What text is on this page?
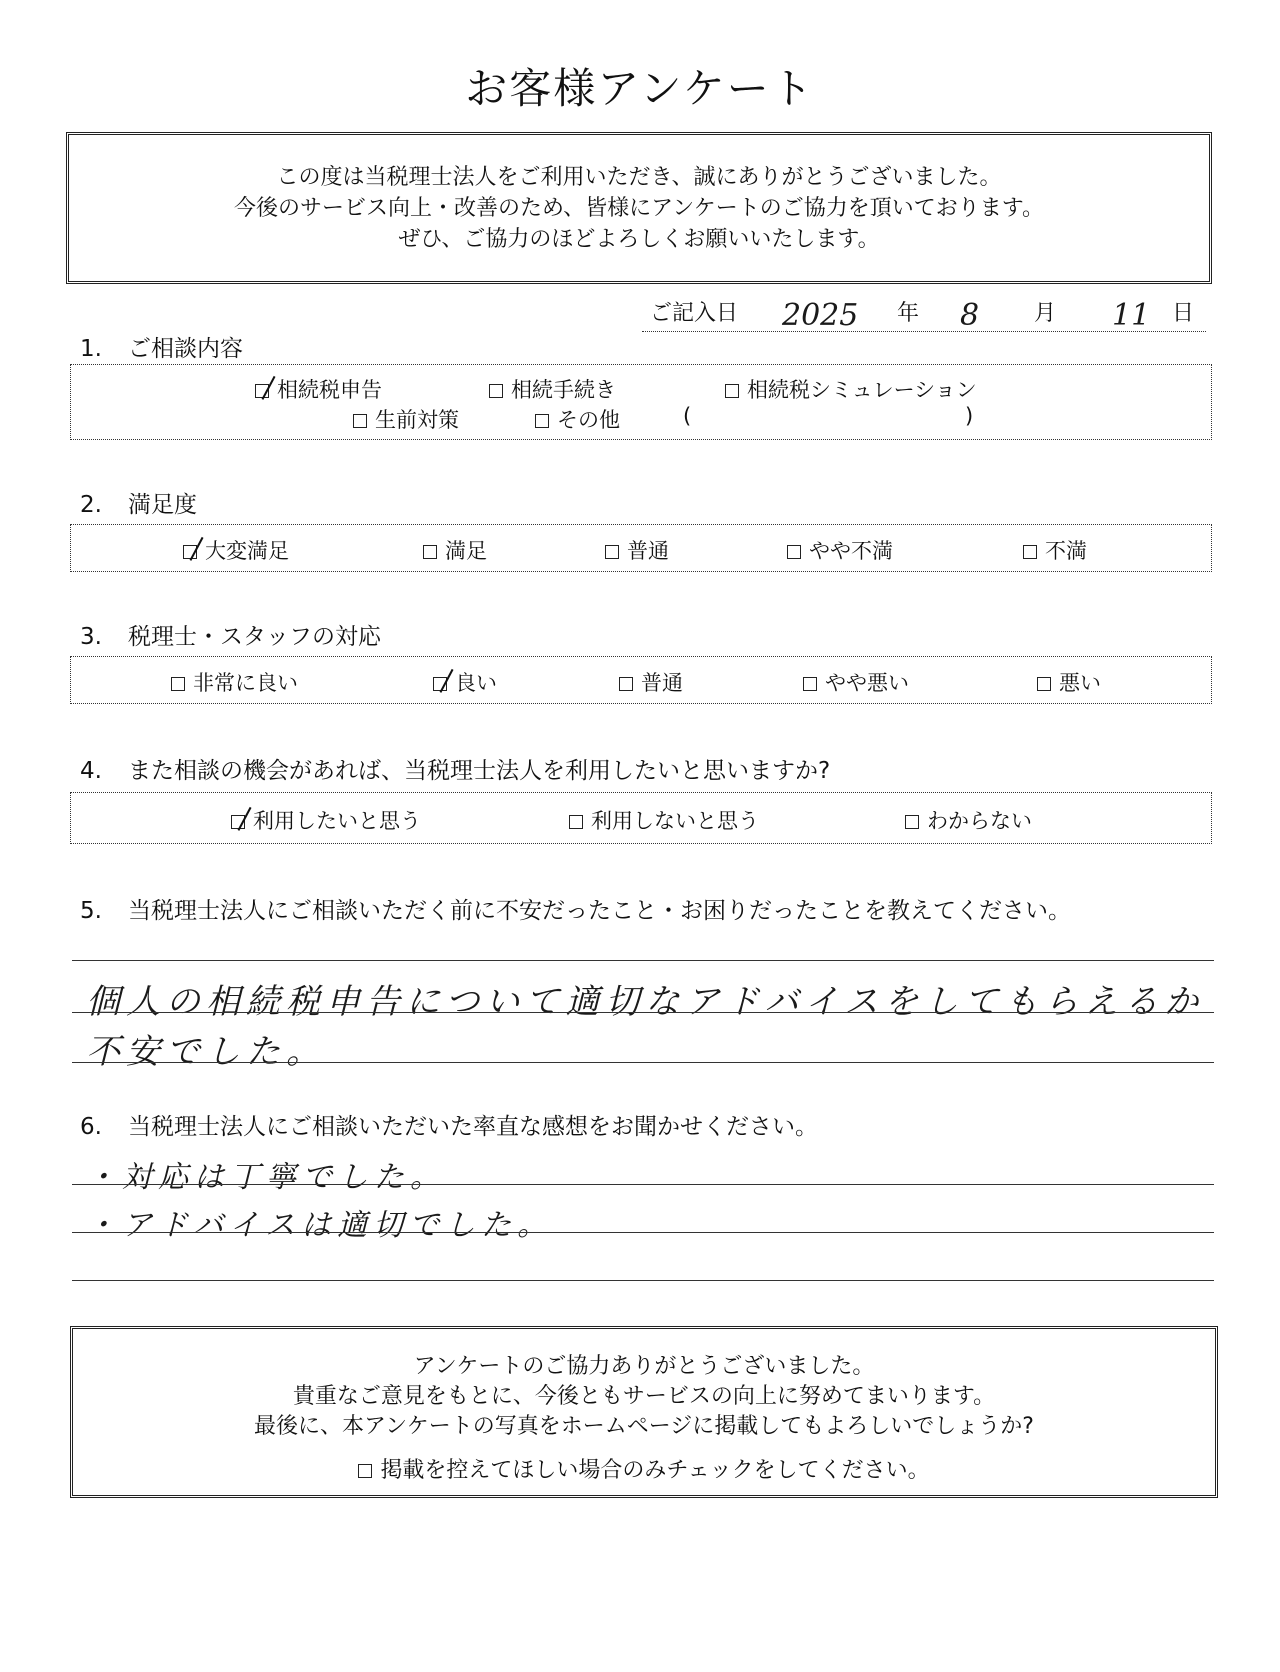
お客様アンケート
この度は当税理士法人をご利用いただき、誠にありがとうございました。
今後のサービス向上・改善のため、皆様にアンケートのご協力を頂いております。
ぜひ、ご協力のほどよろしくお願いいたします。
ご記入日 2025 年 8 月 11 日
1. ご相談内容
相続税申告	相続手続き	相続税シミュレーション
生前対策	その他	(	)
2. 満足度
大変満足	満足	普通	やや不満	不満
3. 税理士・スタッフの対応
非常に良い	良い	普通	やや悪い	悪い
4. また相談の機会があれば、当税理士法人を利用したいと思いますか?
利用したいと思う	利用しないと思う	わからない
5. 当税理士法人にご相談いただく前に不安だったこと・お困りだったことを教えてください。
個人の相続税申告について適切なアドバイスをしてもらえるか
不安でした。
6. 当税理士法人にご相談いただいた率直な感想をお聞かせください。
・対応は丁寧でした。
・アドバイスは適切でした。
アンケートのご協力ありがとうございました。
貴重なご意見をもとに、今後ともサービスの向上に努めてまいります。
最後に、本アンケートの写真をホームページに掲載してもよろしいでしょうか?
掲載を控えてほしい場合のみチェックをしてください。
